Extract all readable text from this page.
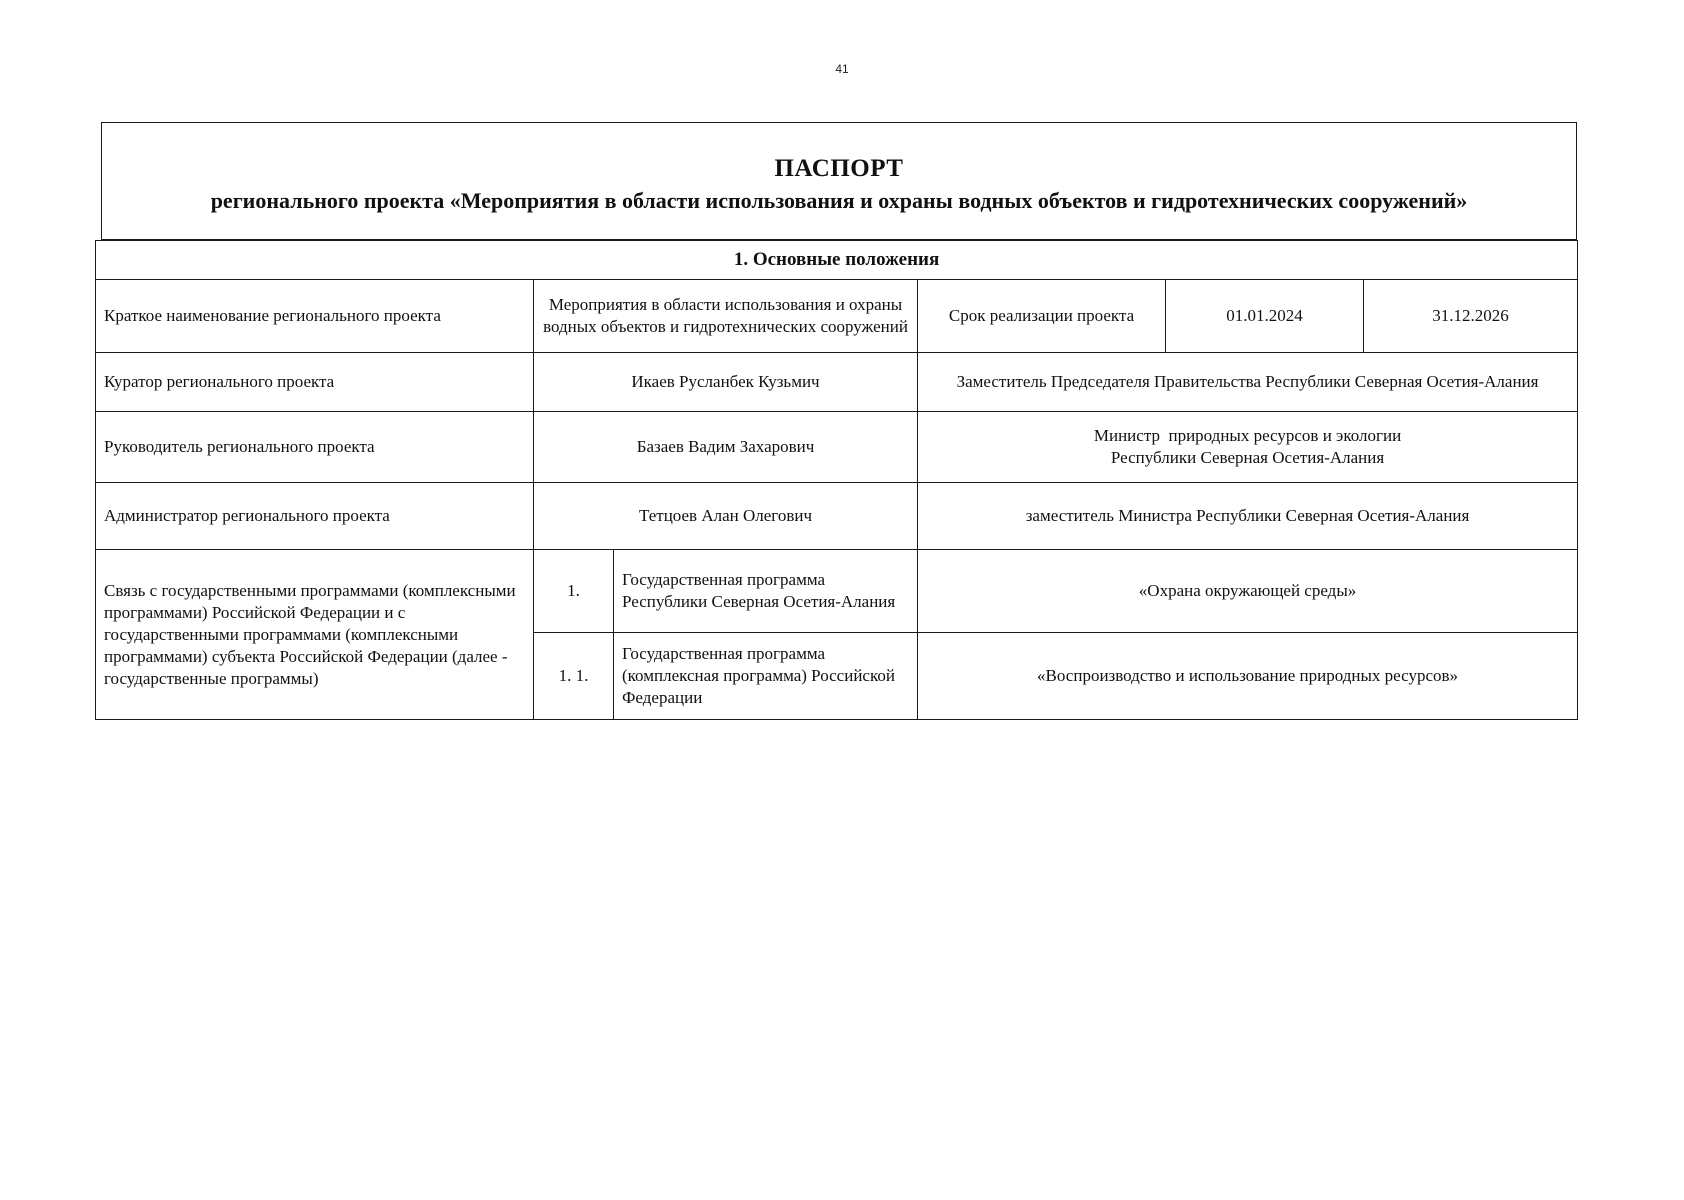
41
ПАСПОРТ
регионального проекта «Мероприятия в области использования и охраны водных объектов и гидротехнических сооружений»
1. Основные положения					
Краткое наименование регионального проекта	Мероприятия в области использования и охраны водных объектов и гидротехнических сооружений		Срок реализации проекта	01.01.2024	31.12.2026
Куратор регионального проекта	Икаев Русланбек Кузьмич		Заместитель Председателя Правительства Республики Северная Осетия-Алания		
Руководитель регионального проекта	Базаев Вадим Захарович		Министр  природных ресурсов и экологии
Республики Северная Осетия-Алания		

Администратор регионального проекта	Тетцоев Алан Олегович		заместитель Министра Республики Северная Осетия-Алания		
Связь с государственными программами (комплексными программами) Российской Федерации и с государственными программами (комплексными программами) субъекта Российской Федерации (далее - государственные программы)	1.	Государственная программа Республики Северная Осетия-Алания	«Охрана окружающей среды»		
	1. 1.	Государственная программа (комплексная программа) Российской Федерации	«Воспроизводство и использование природных ресурсов»		
